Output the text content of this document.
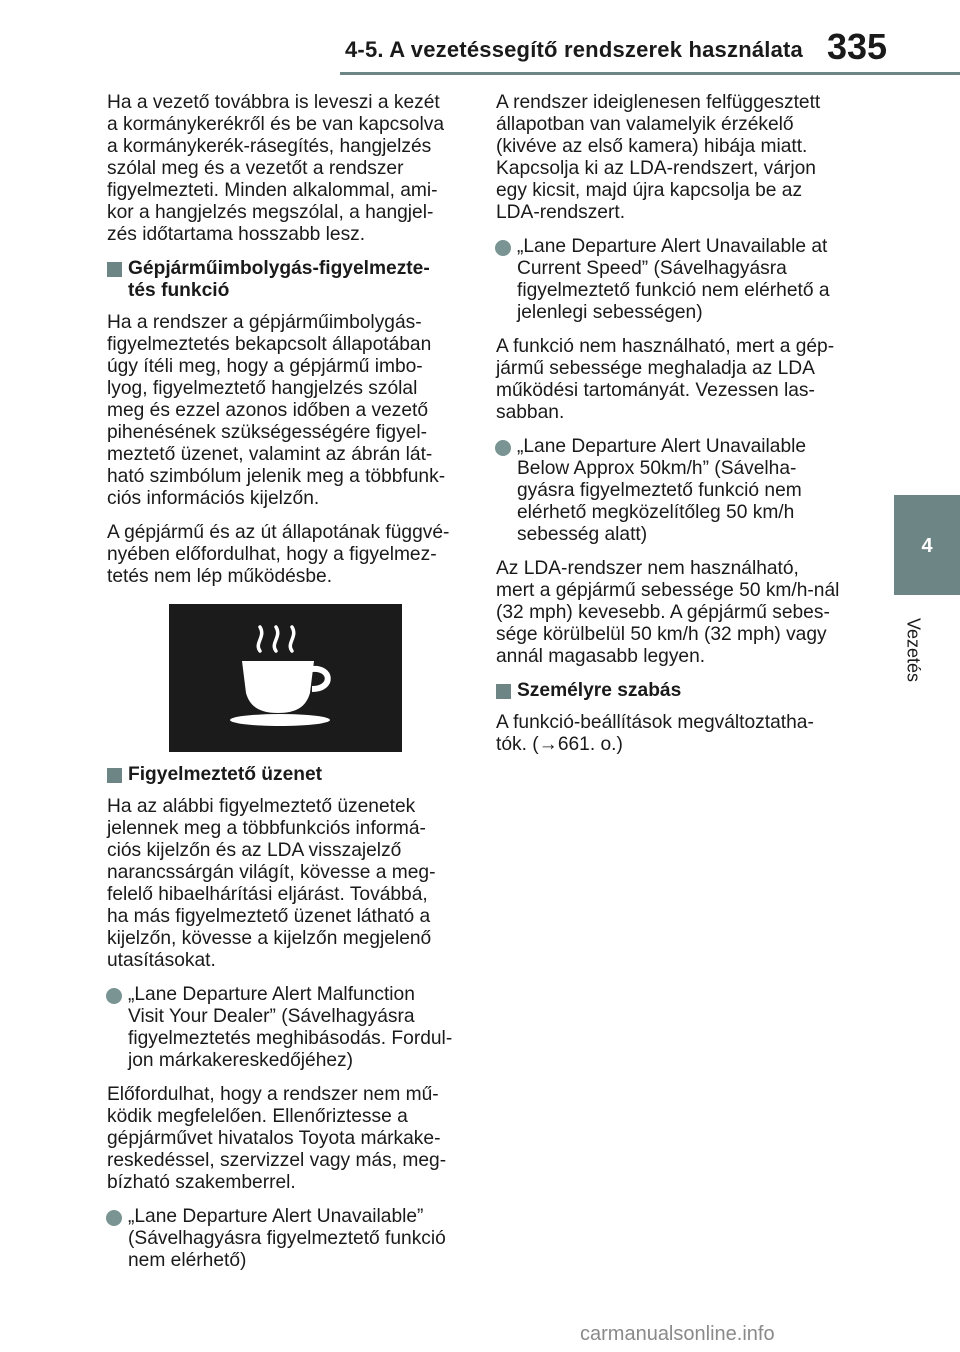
4-5. A vezetéssegítő rendszerek használata 335
4
Vezetés
Ha a vezető továbbra is leveszi a kezét
a kormánykerékről és be van kapcsolva
a kormánykerék-rásegítés, hangjelzés
szólal meg és a vezetőt a rendszer
figyelmezteti. Minden alkalommal, ami-
kor a hangjelzés megszólal, a hangjel-
zés időtartama hosszabb lesz.
Gépjárműimbolygás-figyelmezte-
tés funkció
Ha a rendszer a gépjárműimbolygás-
figyelmeztetés bekapcsolt állapotában
úgy ítéli meg, hogy a gépjármű imbo-
lyog, figyelmeztető hangjelzés szólal
meg és ezzel azonos időben a vezető
pihenésének szükségességére figyel-
meztető üzenet, valamint az ábrán lát-
ható szimbólum jelenik meg a többfunk-
ciós információs kijelzőn.
A gépjármű és az út állapotának függvé-
nyében előfordulhat, hogy a figyelmez-
tetés nem lép működésbe.
Figyelmeztető üzenet
Ha az alábbi figyelmeztető üzenetek
jelennek meg a többfunkciós informá-
ciós kijelzőn és az LDA visszajelző
narancssárgán világít, kövesse a meg-
felelő hibaelhárítási eljárást. Továbbá,
ha más figyelmeztető üzenet látható a
kijelzőn, kövesse a kijelzőn megjelenő
utasításokat.
„Lane Departure Alert Malfunction
Visit Your Dealer” (Sávelhagyásra
figyelmeztetés meghibásodás. Fordul-
jon márkakereskedőjéhez)
Előfordulhat, hogy a rendszer nem mű-
ködik megfelelően. Ellenőriztesse a
gépjárművet hivatalos Toyota márkake-
reskedéssel, szervizzel vagy más, meg-
bízható szakemberrel.
„Lane Departure Alert Unavailable”
(Sávelhagyásra figyelmeztető funkció
nem elérhető)
A rendszer ideiglenesen felfüggesztett
állapotban van valamelyik érzékelő
(kivéve az első kamera) hibája miatt.
Kapcsolja ki az LDA-rendszert, várjon
egy kicsit, majd újra kapcsolja be az
LDA-rendszert.
„Lane Departure Alert Unavailable at
Current Speed” (Sávelhagyásra
figyelmeztető funkció nem elérhető a
jelenlegi sebességen)
A funkció nem használható, mert a gép-
jármű sebessége meghaladja az LDA
működési tartományát. Vezessen las-
sabban.
„Lane Departure Alert Unavailable
Below Approx 50km/h” (Sávelha-
gyásra figyelmeztető funkció nem
elérhető megközelítőleg 50 km/h
sebesség alatt)
Az LDA-rendszer nem használható,
mert a gépjármű sebessége 50 km/h-nál
(32 mph) kevesebb. A gépjármű sebes-
sége körülbelül 50 km/h (32 mph) vagy
annál magasabb legyen.
Személyre szabás
A funkció-beállítások megváltoztatha-
tók. (→661. o.)
carmanualsonline.info
